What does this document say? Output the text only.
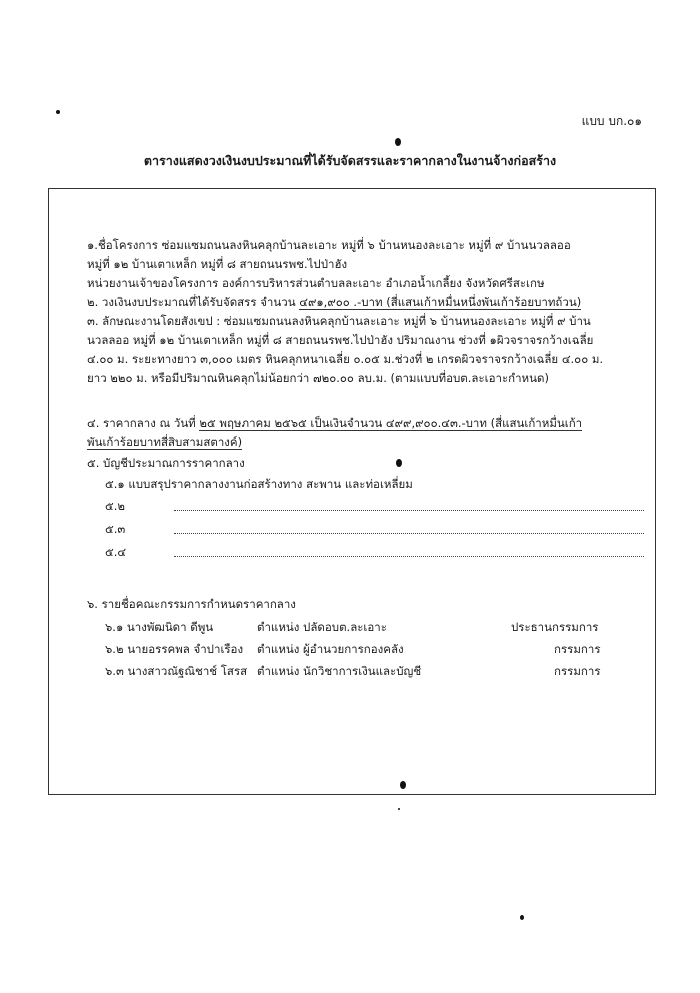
แบบ บก.๐๑
ตารางแสดงวงเงินงบประมาณที่ได้รับจัดสรรและราคากลางในงานจ้างก่อสร้าง
๑.ชื่อโครงการ ซ่อมแซมถนนลงหินคลุกบ้านละเอาะ หมู่ที่ ๖ บ้านหนองละเอาะ หมู่ที่ ๙ บ้านนวลลออ
หมู่ที่ ๑๒ บ้านเตาเหล็ก หมู่ที่ ๘ สายถนนรพช.ไปป่าฮัง
หน่วยงานเจ้าของโครงการ องค์การบริหารส่วนตำบลละเอาะ อำเภอน้ำเกลี้ยง จังหวัดศรีสะเกษ
๒. วงเงินงบประมาณที่ได้รับจัดสรร จำนวน ๔๙๑,๙๐๐ .-บาท (สี่แสนเก้าหมื่นหนึ่งพันเก้าร้อยบาทถ้วน)
๓. ลักษณะงานโดยสังเขป : ซ่อมแซมถนนลงหินคลุกบ้านละเอาะ หมู่ที่ ๖ บ้านหนองละเอาะ หมู่ที่ ๙ บ้าน
นวลลออ หมู่ที่ ๑๒ บ้านเตาเหล็ก หมู่ที่ ๘ สายถนนรพช.ไปป่าฮัง ปริมาณงาน ช่วงที่ ๑ผิวจราจรกว้างเฉลี่ย
๔.๐๐ ม. ระยะทางยาว ๓,๐๐๐ เมตร หินคลุกหนาเฉลี่ย ๐.๐๕ ม.ช่วงที่ ๒ เกรดผิวจราจรกว้างเฉลี่ย ๔.๐๐ ม.
ยาว ๒๒๐ ม. หรือมีปริมาณหินคลุกไม่น้อยกว่า ๗๒๐.๐๐ ลบ.ม. (ตามแบบที่อบต.ละเอาะกำหนด)
๔. ราคากลาง ณ วันที่ ๒๕ พฤษภาคม ๒๕๖๕ เป็นเงินจำนวน ๔๙๙,๙๐๐.๔๓.-บาท (สี่แสนเก้าหมื่นเก้า
พันเก้าร้อยบาทสี่สิบสามสตางค์)
๕. บัญชีประมาณการราคากลาง
๕.๑ แบบสรุปราคากลางงานก่อสร้างทาง สะพาน และท่อเหลี่ยม
๕.๒
๕.๓
๕.๔
๖. รายชื่อคณะกรรมการกำหนดราคากลาง
๖.๑ นางพัฒนิดา ดีพูน	ตำแหน่ง ปลัดอบต.ละเอาะ	ประธานกรรมการ
๖.๒ นายอรรคพล จำปาเรือง ตำแหน่ง ผู้อำนวยการกองคลัง	กรรมการ
๖.๓ นางสาวณัฐณิชาช์ โสรส ตำแหน่ง นักวิชาการเงินและบัญชี	กรรมการ
